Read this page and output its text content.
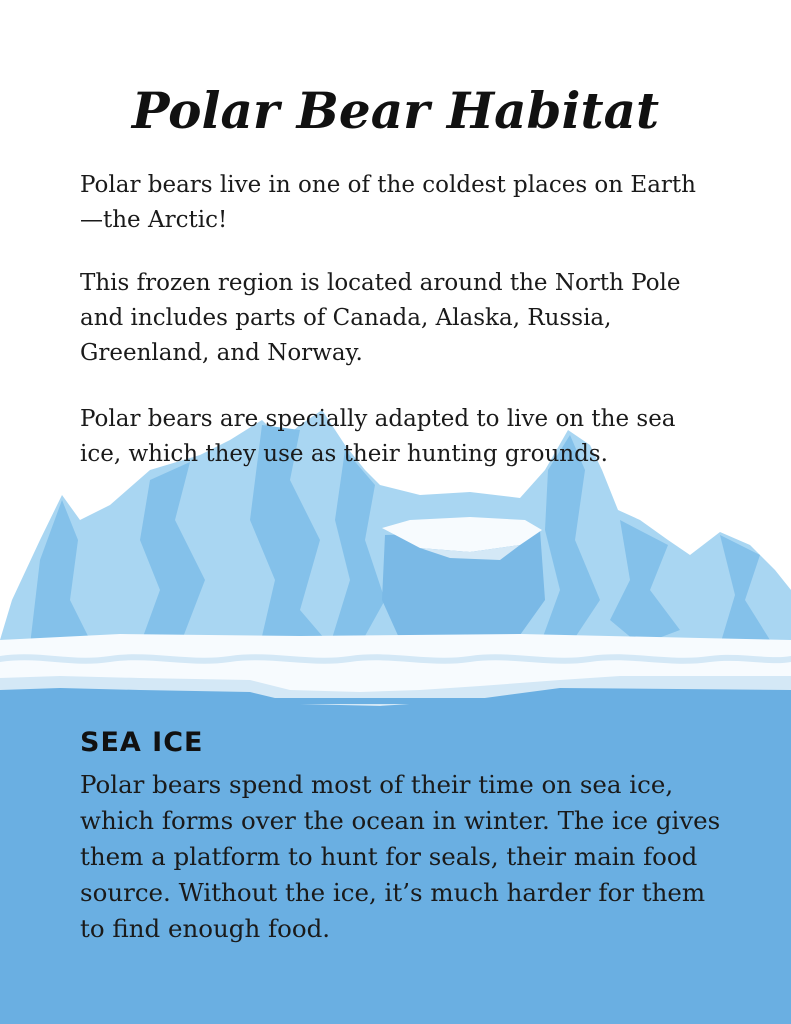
Polar Bear Habitat

Polar bears live in one of the coldest places on Earth
—the Arctic!

This frozen region is located around the North Pole and includes parts of Canada, Alaska, Russia, Greenland, and Norway.

Polar bears are specially adapted to live on the sea ice, which they use as their hunting grounds.

SEA ICE

Polar bears spend most of their time on sea ice, which forms over the ocean in winter. The ice gives them a platform to hunt for seals, their main food source. Without the ice, it’s much harder for them to find enough food.
